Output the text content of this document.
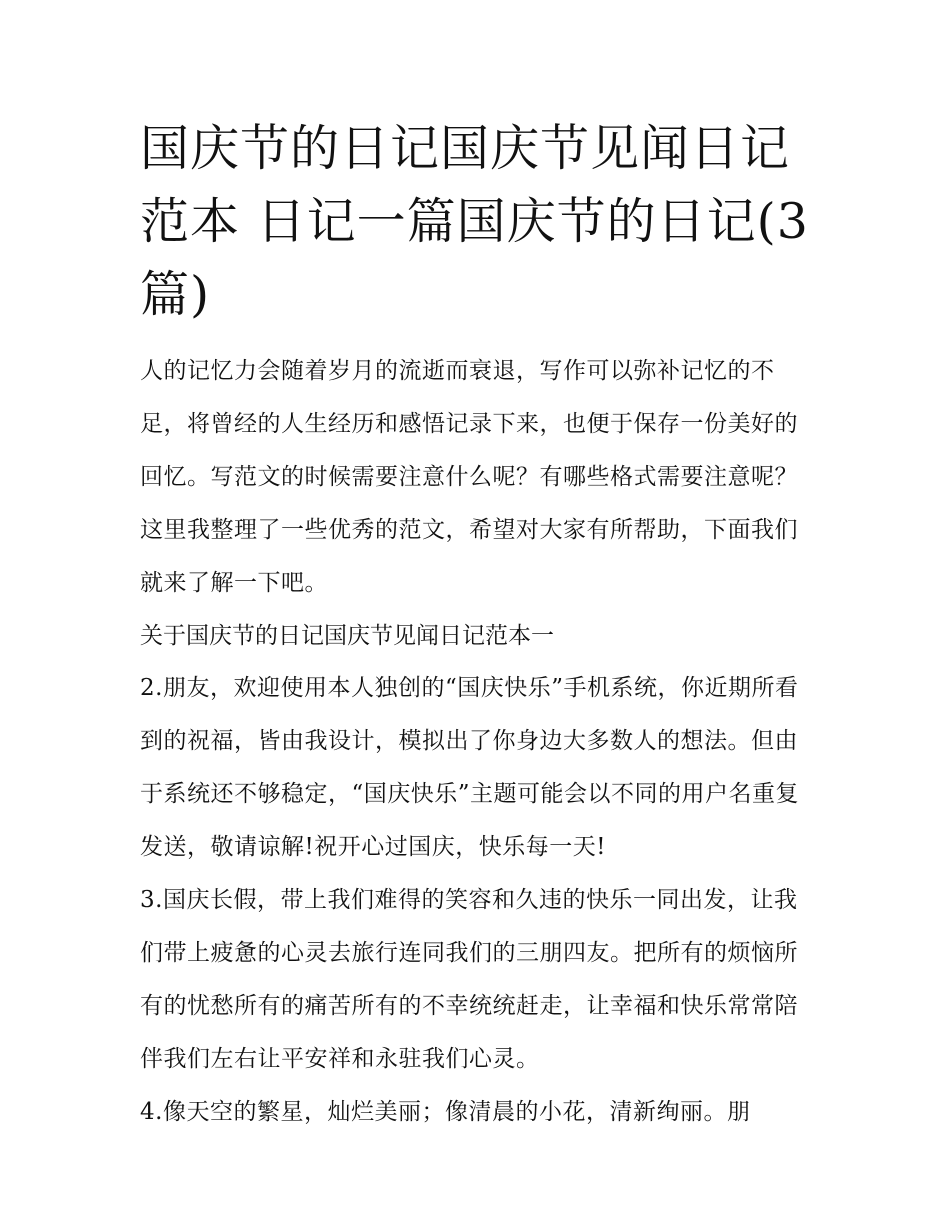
国庆节的日记国庆节见闻日记范本 日记一篇国庆节的日记(3篇)

人的记忆力会随着岁月的流逝而衰退，写作可以弥补记忆的不足，将曾经的人生经历和感悟记录下来，也便于保存一份美好的回忆。写范文的时候需要注意什么呢？有哪些格式需要注意呢？这里我整理了一些优秀的范文，希望对大家有所帮助，下面我们就来了解一下吧。

关于国庆节的日记国庆节见闻日记范本一

2.朋友，欢迎使用本人独创的“国庆快乐”手机系统，你近期所看到的祝福，皆由我设计，模拟出了你身边大多数人的想法。但由于系统还不够稳定，“国庆快乐”主题可能会以不同的用户名重复发送，敬请谅解!祝开心过国庆，快乐每一天!

3.国庆长假，带上我们难得的笑容和久违的快乐一同出发，让我们带上疲惫的心灵去旅行连同我们的三朋四友。把所有的烦恼所有的忧愁所有的痛苦所有的不幸统统赶走，让幸福和快乐常常陪伴我们左右让平安祥和永驻我们心灵。

4.像天空的繁星，灿烂美丽；像清晨的小花，清新绚丽。朋
